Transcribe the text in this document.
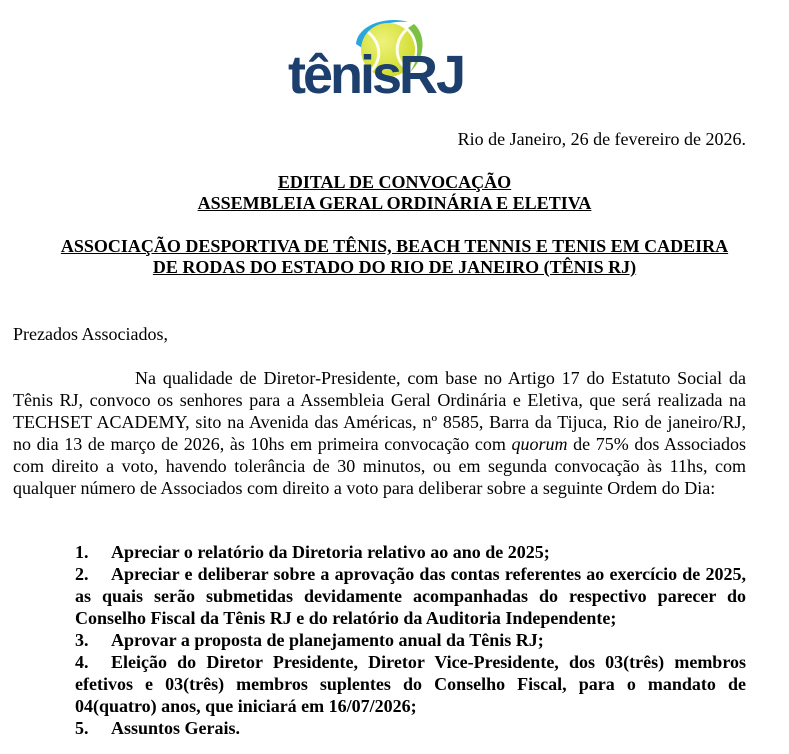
tênisRJ
Rio de Janeiro, 26 de fevereiro de 2026.
EDITAL DE CONVOCAÇÃO
ASSEMBLEIA GERAL ORDINÁRIA E ELETIVA
ASSOCIAÇÃO DESPORTIVA DE TÊNIS, BEACH TENNIS E TENIS EM CADEIRA
DE RODAS DO ESTADO DO RIO DE JANEIRO (TÊNIS RJ)
Prezados Associados,
Na qualidade de Diretor-Presidente, com base no Artigo 17 do Estatuto Social da Tênis RJ, convoco os senhores para a Assembleia Geral Ordinária e Eletiva, que será realizada na TECHSET ACADEMY, sito na Avenida das Américas, nº 8585, Barra da Tijuca, Rio de janeiro/RJ, no dia 13 de março de 2026, às 10hs em primeira convocação com quorum de 75% dos Associados com direito a voto, havendo tolerância de 30 minutos, ou em segunda convocação às 11hs, com qualquer número de Associados com direito a voto para deliberar sobre a seguinte Ordem do Dia:
1. Apreciar o relatório da Diretoria relativo ao ano de 2025;
2. Apreciar e deliberar sobre a aprovação das contas referentes ao exercício de 2025, as quais serão submetidas devidamente acompanhadas do respectivo parecer do Conselho Fiscal da Tênis RJ e do relatório da Auditoria Independente;
3. Aprovar a proposta de planejamento anual da Tênis RJ;
4. Eleição do Diretor Presidente, Diretor Vice-Presidente, dos 03(três) membros efetivos e 03(três) membros suplentes do Conselho Fiscal, para o mandato de 04(quatro) anos, que iniciará em 16/07/2026;
5. Assuntos Gerais.
